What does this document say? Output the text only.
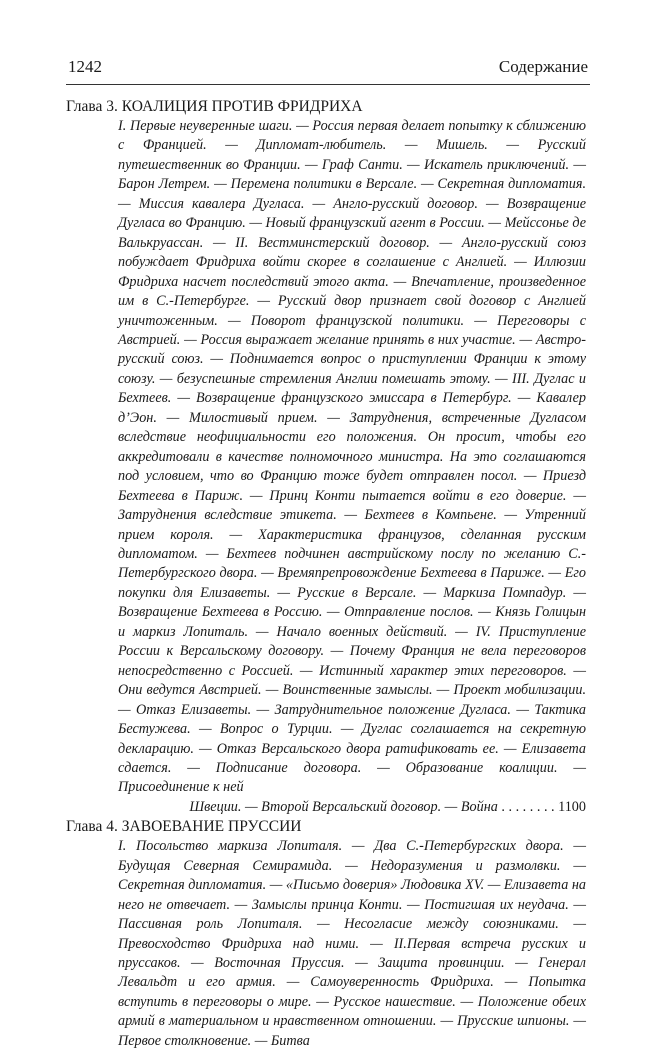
1242	Содержание
Глава 3. КОАЛИЦИЯ ПРОТИВ ФРИДРИХА
I. Первые неуверенные шаги. — Россия первая делает попытку к сближению с Францией. — Дипломат-любитель. — Мишель. — Русский путешественник во Франции. — Граф Санти. — Искатель приключений. — Барон Летрем. — Перемена политики в Версале. — Секретная дипломатия. — Миссия кавалера Дугласа. — Англо-русский договор. — Возвращение Дугласа во Францию. — Новый французский агент в России. — Мейссонье де Валькруассан. — II. Вестминстерский договор. — Англо-русский союз побуждает Фридриха войти скорее в соглашение с Англией. — Иллюзии Фридриха насчет последствий этого акта. — Впечатление, произведенное им в С.-Петербурге. — Русский двор признает свой договор с Англией уничтоженным. — Поворот французской политики. — Переговоры с Австрией. — Россия выражает желание принять в них участие. — Австро-русский союз. — Поднимается вопрос о приступлении Франции к этому союзу. — безуспешные стремления Англии помешать этому. — III. Дуглас и Бехтеев. — Возвращение французского эмиссара в Петербург. — Кавалер д’Эон. — Милостивый прием. — Затруднения, встреченные Дугласом вследствие неофициальности его положения. Он просит, чтобы его аккредитовали в качестве полномочного министра. На это соглашаются под условием, что во Францию тоже будет отправлен посол. — Приезд Бехтеева в Париж. — Принц Конти пытается войти в его доверие. — Затруднения вследствие этикета. — Бехтеев в Компьене. — Утренний прием короля. — Характеристика французов, сделанная русским дипломатом. — Бехтеев подчинен австрийскому послу по желанию С.-Петербургского двора. — Времяпрепровождение Бехтеева в Париже. — Его покупки для Елизаветы. — Русские в Версале. — Маркиза Помпадур. — Возвращение Бехтеева в Россию. — Отправление послов. — Князь Голицын и маркиз Лопиталь. — Начало военных действий. — IV. Приступление России к Версальскому договору. — Почему Франция не вела переговоров непосредственно с Россией. — Истинный характер этих переговоров. — Они ведутся Австрией. — Воинственные замыслы. — Проект мобилизации. — Отказ Елизаветы. — Затруднительное положение Дугласа. — Тактика Бестужева. — Вопрос о Турции. — Дуглас соглашается на секретную декларацию. — Отказ Версальского двора ратификовать ее. — Елизавета сдается. — Подписание договора. — Образование коалиции. — Присоединение к ней
Швеции. — Второй Версальский договор. — Война . . . . . . . . 1100
Глава 4. ЗАВОЕВАНИЕ ПРУССИИ
I. Посольство маркиза Лопиталя. — Два С.-Петербургских двора. — Будущая Северная Семирамида. — Недоразумения и размолвки. — Секретная дипломатия. — «Письмо доверия» Людовика XV. — Елизавета на него не отвечает. — Замыслы принца Конти. — Постигшая их неудача. — Пассивная роль Лопиталя. — Несогласие между союзниками. — Превосходство Фридриха над ними. — II.Первая встреча русских и пруссаков. — Восточная Пруссия. — Защита провинции. — Генерал Левальдт и его армия. — Самоуверенность Фридриха. — Попытка вступить в переговоры о мире. — Русское нашествие. — Положение обеих армий в материальном и нравственном отношении. — Прусские шпионы. — Первое столкновение. — Битва
